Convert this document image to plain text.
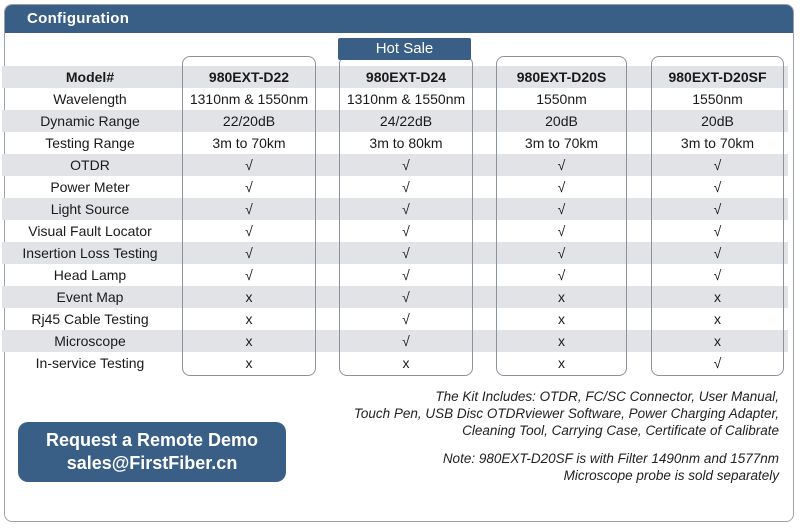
Configuration
Hot Sale
Model#	980EXT-D22	980EXT-D24	980EXT-D20S	980EXT-D20SF
Wavelength	1310nm & 1550nm	1310nm & 1550nm	1550nm	1550nm
Dynamic Range	22/20dB	24/22dB	20dB	20dB
Testing Range	3m to 70km	3m to 80km	3m to 70km	3m to 70km
OTDR	√	√	√	√
Power Meter	√	√	√	√
Light Source	√	√	√	√
Visual Fault Locator	√	√	√	√
Insertion Loss Testing	√	√	√	√
Head Lamp	√	√	√	√
Event Map	x	√	x	x
Rj45 Cable Testing	x	√	x	x
Microscope	x	√	x	x
In-service Testing	x	x	x	√
Request a Remote Demo
sales@FirstFiber.cn
The Kit Includes: OTDR, FC/SC Connector, User Manual,
Touch Pen, USB Disc OTDRviewer Software, Power Charging Adapter,
Cleaning Tool, Carrying Case, Certificate of Calibrate
Note: 980EXT-D20SF is with Filter 1490nm and 1577nm
Microscope probe is sold separately
